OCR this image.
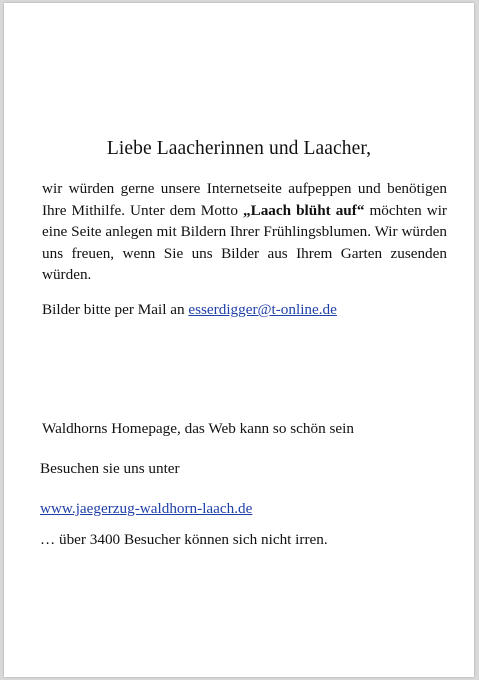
Liebe Laacherinnen und Laacher,

wir würden gerne unsere Internetseite aufpeppen und benötigen Ihre Mithilfe. Unter dem Motto „Laach blüht auf“ möchten wir eine Seite anlegen mit Bildern Ihrer Frühlingsblumen. Wir würden uns freuen, wenn Sie uns Bilder aus Ihrem Garten zusenden würden.

Bilder bitte per Mail an esserdigger@t-online.de

Waldhorns Homepage, das Web kann so schön sein

Besuchen sie uns unter

www.jaegerzug-waldhorn-laach.de

… über 3400 Besucher können sich nicht irren.
